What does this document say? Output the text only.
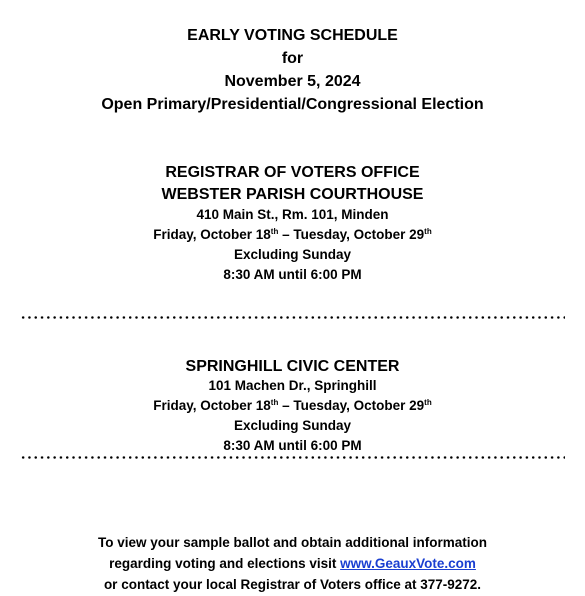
EARLY VOTING SCHEDULE
for
November 5, 2024
Open Primary/Presidential/Congressional Election
REGISTRAR OF VOTERS OFFICE
WEBSTER PARISH COURTHOUSE
410 Main St., Rm. 101, Minden
Friday, October 18th – Tuesday, October 29th
Excluding Sunday
8:30 AM until 6:00 PM
SPRINGHILL CIVIC CENTER
101 Machen Dr., Springhill
Friday, October 18th – Tuesday, October 29th
Excluding Sunday
8:30 AM until 6:00 PM
To view your sample ballot and obtain additional information
regarding voting and elections visit www.GeauxVote.com
or contact your local Registrar of Voters office at 377-9272.
